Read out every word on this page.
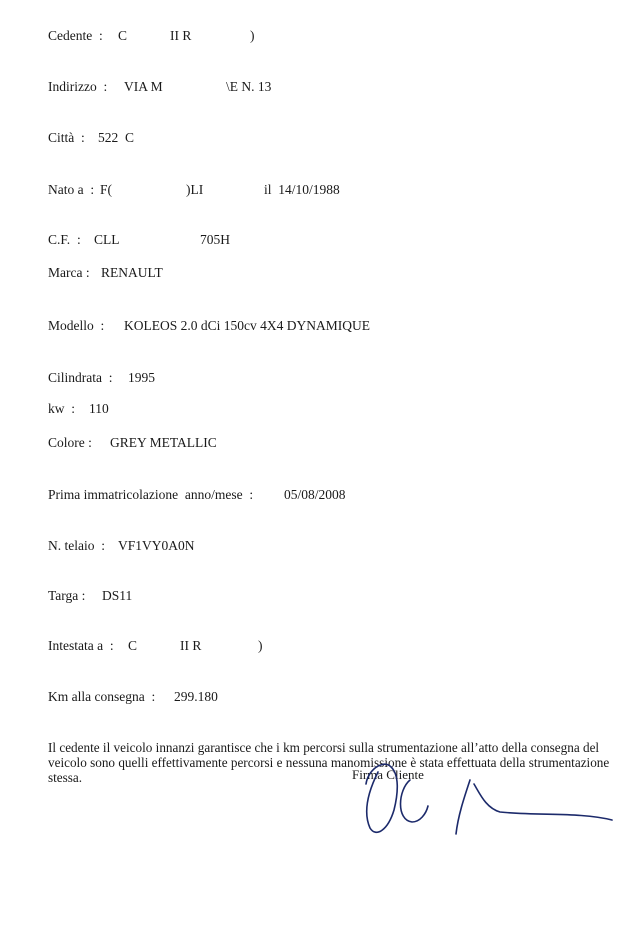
Cedente : C	II R	)
Indirizzo : VIA M	\E N. 13
Città : 522  C
Nato a : F(	)LI	il  14/10/1988
C.F. : CLL	705H
Marca : RENAULT
Modello : KOLEOS 2.0 dCi 150cv 4X4 DYNAMIQUE
Cilindrata : 1995
kw : 110
Colore : GREY METALLIC
Prima immatricolazione  anno/mese : 05/08/2008
N. telaio : VF1VY0A0N
Targa : DS11
Intestata a : C	II R	)
Km alla consegna : 299.180
Il cedente il veicolo innanzi garantisce che i km percorsi sulla strumentazione all’atto della consegna del veicolo sono quelli effettivamente percorsi e nessuna manomissione è stata effettuata della strumentazione stessa.	Firma Cliente
